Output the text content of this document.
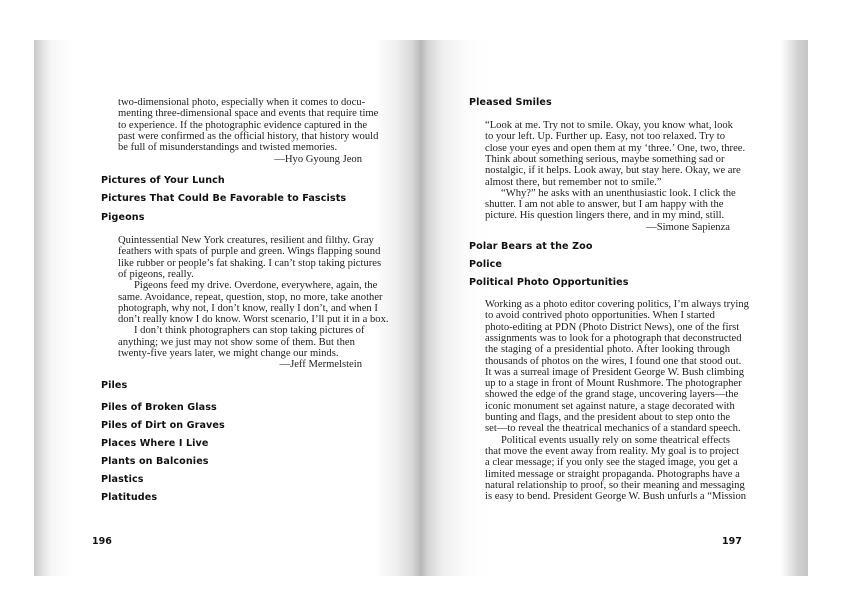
two-dimensional photo, especially when it comes to docu-
menting three-dimensional space and events that require time
to experience. If the photographic evidence captured in the
past were confirmed as the official history, that history would
be full of misunderstandings and twisted memories.
—Hyo Gyoung Jeon
Pictures of Your Lunch
Pictures That Could Be Favorable to Fascists
Pigeons
Quintessential New York creatures, resilient and filthy. Gray
feathers with spats of purple and green. Wings flapping sound
like rubber or people’s fat shaking. I can’t stop taking pictures
of pigeons, really.
Pigeons feed my drive. Overdone, everywhere, again, the
same. Avoidance, repeat, question, stop, no more, take another
photograph, why not, I don’t know, really I don’t, and when I
don’t really know I do know. Worst scenario, I’ll put it in a box.
I don’t think photographers can stop taking pictures of
anything; we just may not show some of them. But then
twenty-five years later, we might change our minds.
—Jeff Mermelstein
Piles
Piles of Broken Glass
Piles of Dirt on Graves
Places Where I Live
Plants on Balconies
Plastics
Platitudes
Pleased Smiles
“Look at me. Try not to smile. Okay, you know what, look
to your left. Up. Further up. Easy, not too relaxed. Try to
close your eyes and open them at my ‘three.’ One, two, three.
Think about something serious, maybe something sad or
nostalgic, if it helps. Look away, but stay here. Okay, we are
almost there, but remember not to smile.”
“Why?” he asks with an unenthusiastic look. I click the
shutter. I am not able to answer, but I am happy with the
picture. His question lingers there, and in my mind, still.
—Simone Sapienza
Polar Bears at the Zoo
Police
Political Photo Opportunities
Working as a photo editor covering politics, I’m always trying
to avoid contrived photo opportunities. When I started
photo-editing at PDN (Photo District News), one of the first
assignments was to look for a photograph that deconstructed
the staging of a presidential photo. After looking through
thousands of photos on the wires, I found one that stood out.
It was a surreal image of President George W. Bush climbing
up to a stage in front of Mount Rushmore. The photographer
showed the edge of the grand stage, uncovering layers—the
iconic monument set against nature, a stage decorated with
bunting and flags, and the president about to step onto the
set—to reveal the theatrical mechanics of a standard speech.
Political events usually rely on some theatrical effects
that move the event away from reality. My goal is to project
a clear message; if you only see the staged image, you get a
limited message or straight propaganda. Photographs have a
natural relationship to proof, so their meaning and messaging
is easy to bend. President George W. Bush unfurls a “Mission
196	197
